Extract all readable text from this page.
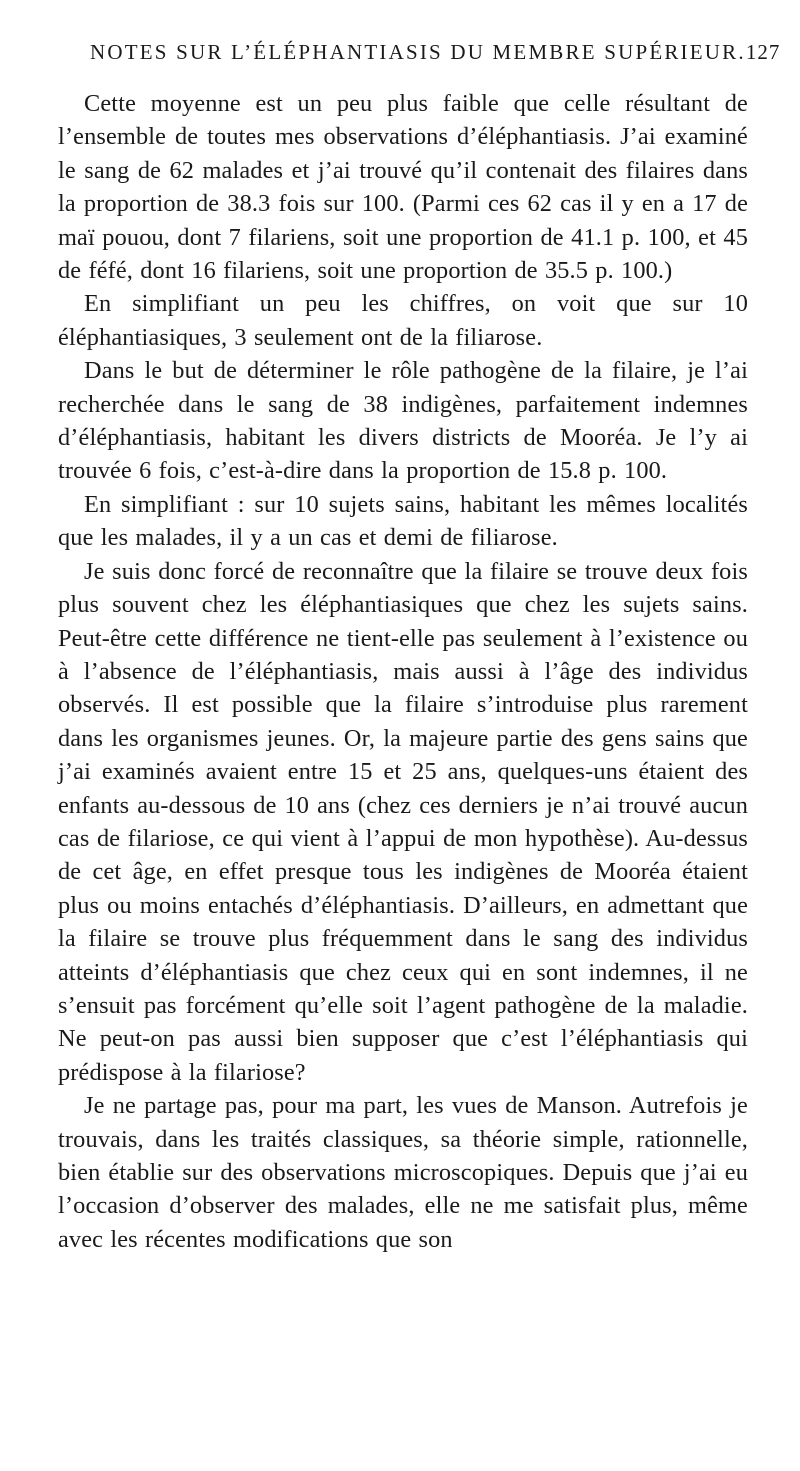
NOTES SUR L’ÉLÉPHANTIASIS DU MEMBRE SUPÉRIEUR. 127

Cette moyenne est un peu plus faible que celle résultant de l’ensemble de toutes mes observations d’éléphantiasis. J’ai examiné le sang de 62 malades et j’ai trouvé qu’il contenait des filaires dans la proportion de 38.3 fois sur 100. (Parmi ces 62 cas il y en a 17 de maï pouou, dont 7 filariens, soit une proportion de 41.1 p. 100, et 45 de féfé, dont 16 filariens, soit une proportion de 35.5 p. 100.)

En simplifiant un peu les chiffres, on voit que sur 10 éléphantiasiques, 3 seulement ont de la filiarose.

Dans le but de déterminer le rôle pathogène de la filaire, je l’ai recherchée dans le sang de 38 indigènes, parfaitement indemnes d’éléphantiasis, habitant les divers districts de Mooréa. Je l’y ai trouvée 6 fois, c’est-à-dire dans la proportion de 15.8 p. 100.

En simplifiant : sur 10 sujets sains, habitant les mêmes localités que les malades, il y a un cas et demi de filiarose.

Je suis donc forcé de reconnaître que la filaire se trouve deux fois plus souvent chez les éléphantiasiques que chez les sujets sains. Peut-être cette différence ne tient-elle pas seulement à l’existence ou à l’absence de l’éléphantiasis, mais aussi à l’âge des individus observés. Il est possible que la filaire s’introduise plus rarement dans les organismes jeunes. Or, la majeure partie des gens sains que j’ai examinés avaient entre 15 et 25 ans, quelques-uns étaient des enfants au-dessous de 10 ans (chez ces derniers je n’ai trouvé aucun cas de filariose, ce qui vient à l’appui de mon hypothèse). Au-dessus de cet âge, en effet presque tous les indigènes de Mooréa étaient plus ou moins entachés d’éléphantiasis. D’ailleurs, en admettant que la filaire se trouve plus fréquemment dans le sang des individus atteints d’éléphantiasis que chez ceux qui en sont indemnes, il ne s’ensuit pas forcément qu’elle soit l’agent pathogène de la maladie. Ne peut-on pas aussi bien supposer que c’est l’éléphantiasis qui prédispose à la filariose?

Je ne partage pas, pour ma part, les vues de Manson. Autrefois je trouvais, dans les traités classiques, sa théorie simple, rationnelle, bien établie sur des observations microscopiques. Depuis que j’ai eu l’occasion d’observer des malades, elle ne me satisfait plus, même avec les récentes modifications que son
